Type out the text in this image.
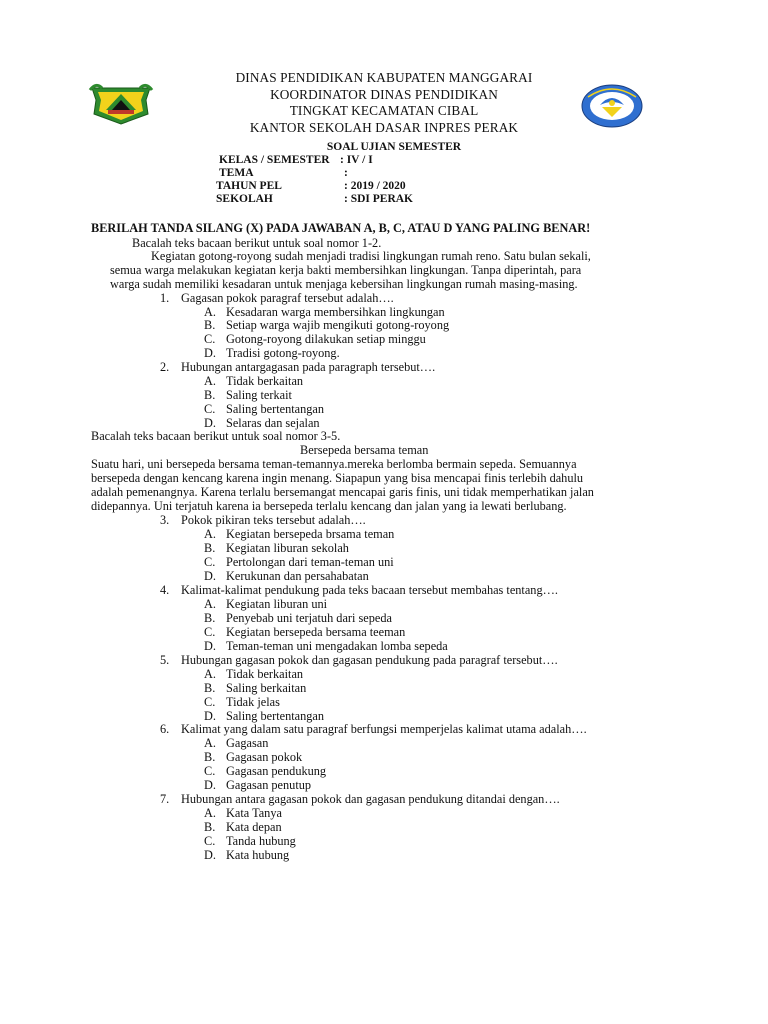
DINAS PENDIDIKAN KABUPATEN MANGGARAI
KOORDINATOR DINAS PENDIDIKAN
TINGKAT KECAMATAN CIBAL
KANTOR SEKOLAH DASAR INPRES PERAK
SOAL UJIAN SEMESTER
KELAS / SEMESTER : IV / I
TEMA	:
TAHUN PEL	: 2019 / 2020
SEKOLAH	: SDI PERAK
BERILAH TANDA SILANG (X) PADA JAWABAN A, B, C, ATAU D YANG PALING BENAR!
Bacalah teks bacaan berikut untuk soal nomor 1-2.
Kegiatan gotong-royong sudah menjadi tradisi lingkungan rumah reno. Satu bulan sekali,
semua warga melakukan kegiatan kerja bakti membersihkan lingkungan. Tanpa diperintah, para
warga sudah memiliki kesadaran untuk menjaga kebersihan lingkungan rumah masing-masing.
1. Gagasan pokok paragraf tersebut adalah….
A. Kesadaran warga membersihkan lingkungan
B. Setiap warga wajib mengikuti gotong-royong
C. Gotong-royong dilakukan setiap minggu
D. Tradisi gotong-royong.
2. Hubungan antargagasan pada paragraph tersebut….
A. Tidak berkaitan
B. Saling terkait
C. Saling bertentangan
D. Selaras dan sejalan
Bacalah teks bacaan berikut untuk soal nomor 3-5.
Bersepeda bersama teman
Suatu hari, uni bersepeda bersama teman-temannya.mereka berlomba bermain sepeda. Semuannya
bersepeda dengan kencang karena ingin menang. Siapapun yang bisa mencapai finis terlebih dahulu
adalah pemenangnya. Karena terlalu bersemangat mencapai garis finis, uni tidak memperhatikan jalan
didepannya. Uni terjatuh karena ia bersepeda terlalu kencang dan jalan yang ia lewati berlubang.
3. Pokok pikiran teks tersebut adalah….
A. Kegiatan bersepeda brsama teman
B. Kegiatan liburan sekolah
C. Pertolongan dari teman-teman uni
D. Kerukunan dan persahabatan
4. Kalimat-kalimat pendukung pada teks bacaan tersebut membahas tentang….
A. Kegiatan liburan uni
B. Penyebab uni terjatuh dari sepeda
C. Kegiatan bersepeda bersama teeman
D. Teman-teman uni mengadakan lomba sepeda
5. Hubungan gagasan pokok dan gagasan pendukung pada paragraf tersebut….
A. Tidak berkaitan
B. Saling berkaitan
C. Tidak jelas
D. Saling bertentangan
6. Kalimat yang dalam satu paragraf berfungsi memperjelas kalimat utama adalah….
A. Gagasan
B. Gagasan pokok
C. Gagasan pendukung
D. Gagasan penutup
7. Hubungan antara gagasan pokok dan gagasan pendukung ditandai dengan….
A. Kata Tanya
B. Kata depan
C. Tanda hubung
D. Kata hubung
